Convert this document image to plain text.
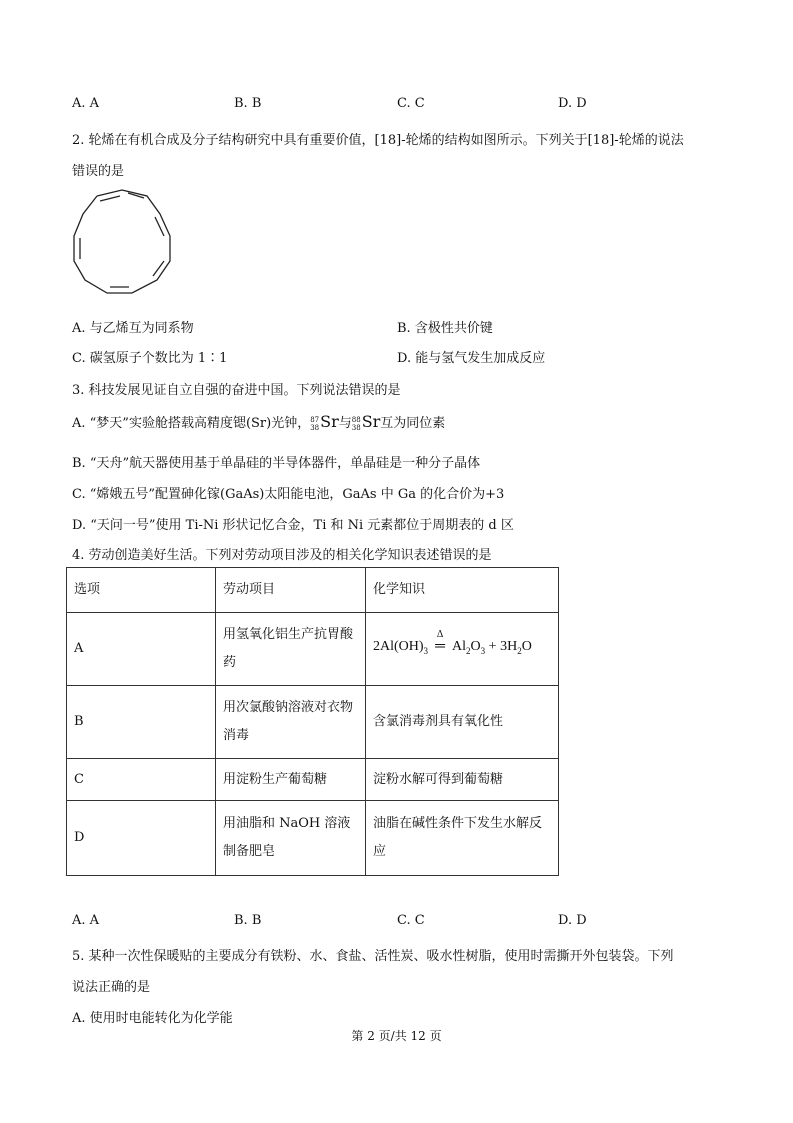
A. A	B. B	C. C	D. D
2. 轮烯在有机合成及分子结构研究中具有重要价值，[18]-轮烯的结构如图所示。下列关于[18]-轮烯的说法
错误的是
A. 与乙烯互为同系物	B. 含极性共价键
C. 碳氢原子个数比为 1∶1	D. 能与氢气发生加成反应
3. 科技发展见证自立自强的奋进中国。下列说法错误的是
A. “梦天”实验舱搭载高精度锶(Sr)光钟，87
38Sr与88
38Sr互为同位素
B. “天舟”航天器使用基于单晶硅的半导体器件，单晶硅是一种分子晶体
C. “嫦娥五号”配置砷化镓(GaAs)太阳能电池，GaAs 中 Ga 的化合价为+3
D. “天问一号”使用 Ti-Ni 形状记忆合金，Ti 和 Ni 元素都位于周期表的 d 区
4. 劳动创造美好生活。下列对劳动项目涉及的相关化学知识表述错误的是
选项	劳动项目	化学知识
A	用氢氧化铝生产抗胃酸药	$2Al(OH)_3$
Δ
═ $Al_2O_3 + 3H_2O$
B	用次氯酸钠溶液对衣物消毒	含氯消毒剂具有氧化性
C	用淀粉生产葡萄糖	淀粉水解可得到葡萄糖
D	用油脂和 NaOH 溶液制备肥皂	油脂在碱性条件下发生水解反应
A. A	B. B	C. C	D. D
5. 某种一次性保暖贴的主要成分有铁粉、水、食盐、活性炭、吸水性树脂，使用时需撕开外包装袋。下列
说法正确的是
A. 使用时电能转化为化学能
第 2 页/共 12 页
